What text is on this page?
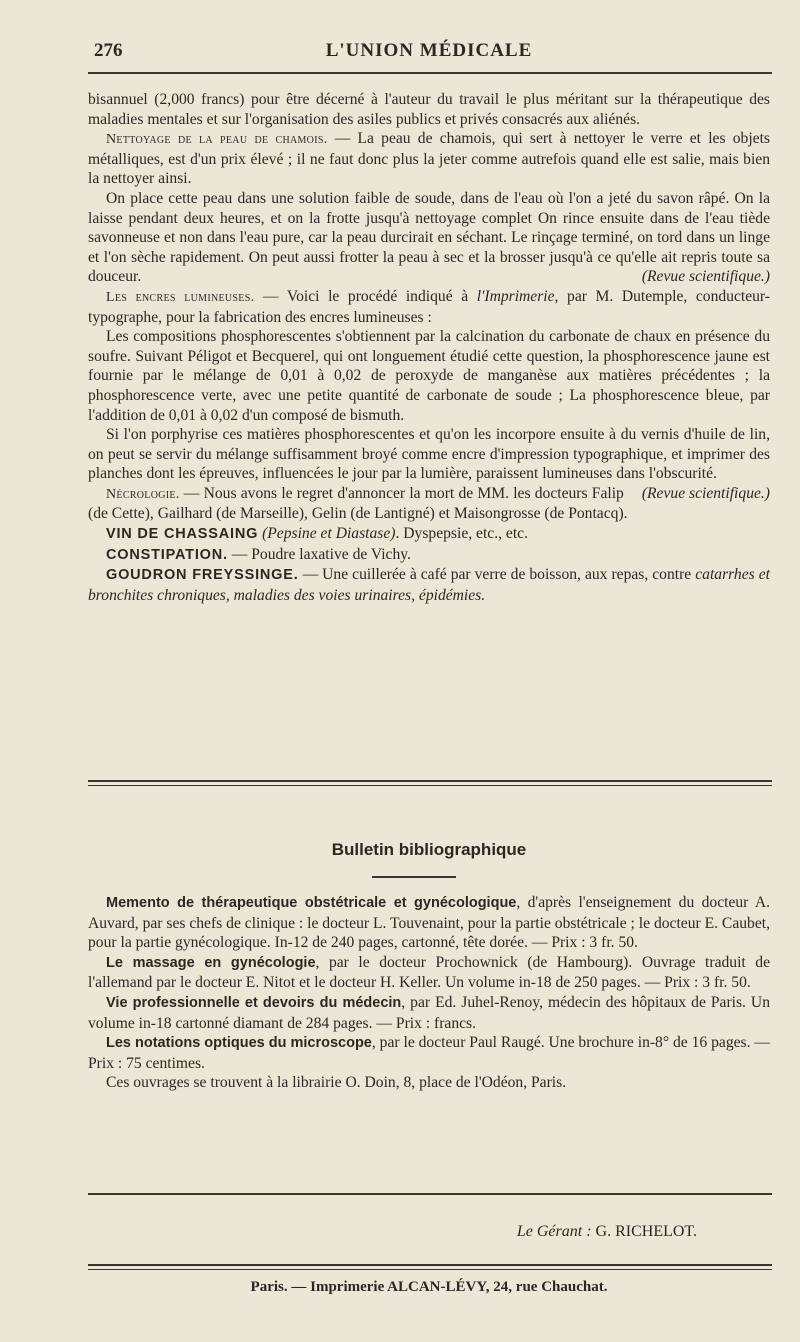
276	L'UNION MÉDICALE

bisannuel (2,000 francs) pour être décerné à l'auteur du travail le plus méritant sur la thérapeutique des maladies mentales et sur l'organisation des asiles publics et privés consacrés aux aliénés.

Nettoyage de la peau de chamois. — La peau de chamois, qui sert à nettoyer le verre et les objets métalliques, est d'un prix élevé ; il ne faut donc plus la jeter comme autrefois quand elle est salie, mais bien la nettoyer ainsi.

On place cette peau dans une solution faible de soude, dans de l'eau où l'on a jeté du savon râpé. On la laisse pendant deux heures, et on la frotte jusqu'à nettoyage complet On rince ensuite dans de l'eau tiède savonneuse et non dans l'eau pure, car la peau durcirait en séchant. Le rinçage terminé, on tord dans un linge et l'on sèche rapidement. On peut aussi frotter la peau à sec et la brosser jusqu'à ce qu'elle ait repris toute sa douceur.	(Revue scientifique.)

Les encres lumineuses. — Voici le procédé indiqué à l'Imprimerie, par M. Dutemple, conducteur-typographe, pour la fabrication des encres lumineuses :

Les compositions phosphorescentes s'obtiennent par la calcination du carbonate de chaux en présence du soufre. Suivant Péligot et Becquerel, qui ont longuement étudié cette question, la phosphorescence jaune est fournie par le mélange de 0,01 à 0,02 de peroxyde de manganèse aux matières précédentes ; la phosphorescence verte, avec une petite quantité de carbonate de soude ; La phosphorescence bleue, par l'addition de 0,01 à 0,02 d'un composé de bismuth.

Si l'on porphyrise ces matières phosphorescentes et qu'on les incorpore ensuite à du vernis d'huile de lin, on peut se servir du mélange suffisamment broyé comme encre d'impression typographique, et imprimer des planches dont les épreuves, influencées le jour par la lumière, paraissent lumineuses dans l'obscurité.
(Revue scientifique.)

Nécrologie. — Nous avons le regret d'annoncer la mort de MM. les docteurs Falip (de Cette), Gailhard (de Marseille), Gelin (de Lantigné) et Maisongrosse (de Pontacq).

VIN DE CHASSAING (Pepsine et Diastase). Dyspepsie, etc., etc.

CONSTIPATION. — Poudre laxative de Vichy.

GOUDRON FREYSSINGE. — Une cuillerée à café par verre de boisson, aux repas, contre catarrhes et bronchites chroniques, maladies des voies urinaires, épidémies.

Bulletin bibliographique

Memento de thérapeutique obstétricale et gynécologique, d'après l'enseignement du docteur A. Auvard, par ses chefs de clinique : le docteur L. Touvenaint, pour la partie obstétricale ; le docteur E. Caubet, pour la partie gynécologique. In-12 de 240 pages, cartonné, tête dorée. — Prix : 3 fr. 50.

Le massage en gynécologie, par le docteur Prochownick (de Hambourg). Ouvrage traduit de l'allemand par le docteur E. Nitot et le docteur H. Keller. Un volume in-18 de 250 pages. — Prix : 3 fr. 50.

Vie professionnelle et devoirs du médecin, par Ed. Juhel-Renoy, médecin des hôpitaux de Paris. Un volume in-18 cartonné diamant de 284 pages. — Prix : francs.

Les notations optiques du microscope, par le docteur Paul Raugé. Une brochure in-8° de 16 pages. — Prix : 75 centimes.

Ces ouvrages se trouvent à la librairie O. Doin, 8, place de l'Odéon, Paris.

Le Gérant : G. RICHELOT.
Paris. — Imprimerie ALCAN-LÉVY, 24, rue Chauchat.
